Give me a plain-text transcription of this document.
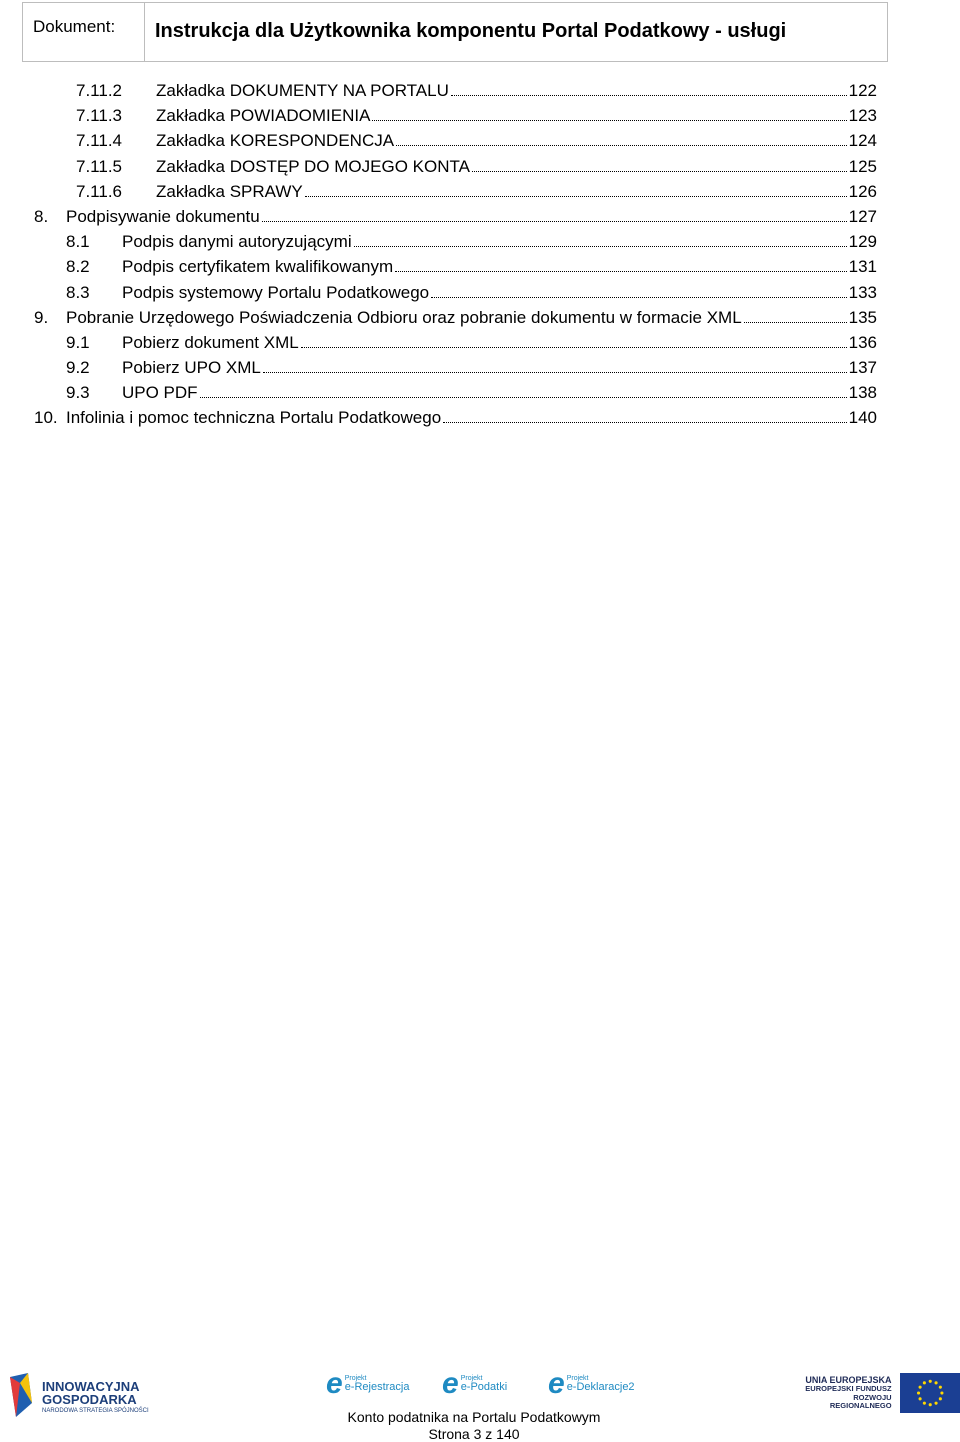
Dokument:	Instrukcja dla Użytkownika komponentu Portal Podatkowy - usługi
7.11.2	Zakładka DOKUMENTY NA PORTALU	122
7.11.3	Zakładka POWIADOMIENIA	123
7.11.4	Zakładka KORESPONDENCJA	124
7.11.5	Zakładka DOSTĘP DO MOJEGO KONTA	125
7.11.6	Zakładka SPRAWY	126
8.	Podpisywanie dokumentu	127
8.1	Podpis danymi autoryzującymi	129
8.2	Podpis certyfikatem kwalifikowanym	131
8.3	Podpis systemowy Portalu Podatkowego	133
9.	Pobranie Urzędowego Poświadczenia Odbioru oraz pobranie dokumentu w formacie XML	135
9.1	Pobierz dokument XML	136
9.2	Pobierz UPO XML	137
9.3	UPO PDF	138
10. Infolinia i pomoc techniczna Portalu Podatkowego	140
INNOWACYJNA
GOSPODARKA
NARODOWA STRATEGIA SPÓJNOŚCI
e Projekt
e-Rejestracja e Projekt
e-Podatki e Projekt
e-Deklaracje2
UNIA EUROPEJSKA
EUROPEJSKI FUNDUSZ
ROZWOJU REGIONALNEGO
Konto podatnika na Portalu Podatkowym
Strona 3 z 140
